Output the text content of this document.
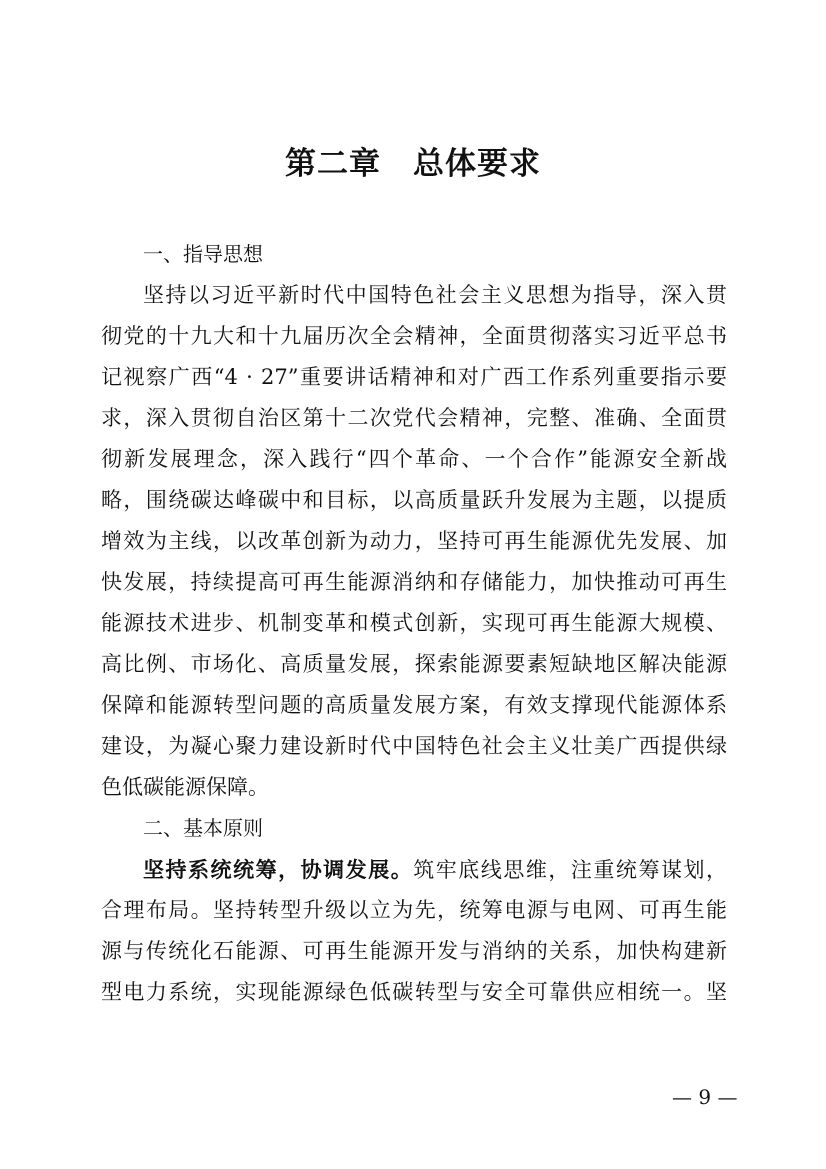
第二章　总体要求
一、指导思想
坚持以习近平新时代中国特色社会主义思想为指导，深入贯
彻党的十九大和十九届历次全会精神，全面贯彻落实习近平总书
记视察广西“4 · 27”重要讲话精神和对广西工作系列重要指示要
求，深入贯彻自治区第十二次党代会精神，完整、准确、全面贯
彻新发展理念，深入践行“四个革命、一个合作”能源安全新战
略，围绕碳达峰碳中和目标，以高质量跃升发展为主题，以提质
增效为主线，以改革创新为动力，坚持可再生能源优先发展、加
快发展，持续提高可再生能源消纳和存储能力，加快推动可再生
能源技术进步、机制变革和模式创新，实现可再生能源大规模、
高比例、市场化、高质量发展，探索能源要素短缺地区解决能源
保障和能源转型问题的高质量发展方案，有效支撑现代能源体系
建设，为凝心聚力建设新时代中国特色社会主义壮美广西提供绿
色低碳能源保障。
二、基本原则
坚持系统统筹，协调发展。筑牢底线思维，注重统筹谋划，
合理布局。坚持转型升级以立为先，统筹电源与电网、可再生能
源与传统化石能源、可再生能源开发与消纳的关系，加快构建新
型电力系统，实现能源绿色低碳转型与安全可靠供应相统一。坚
— 9 —
